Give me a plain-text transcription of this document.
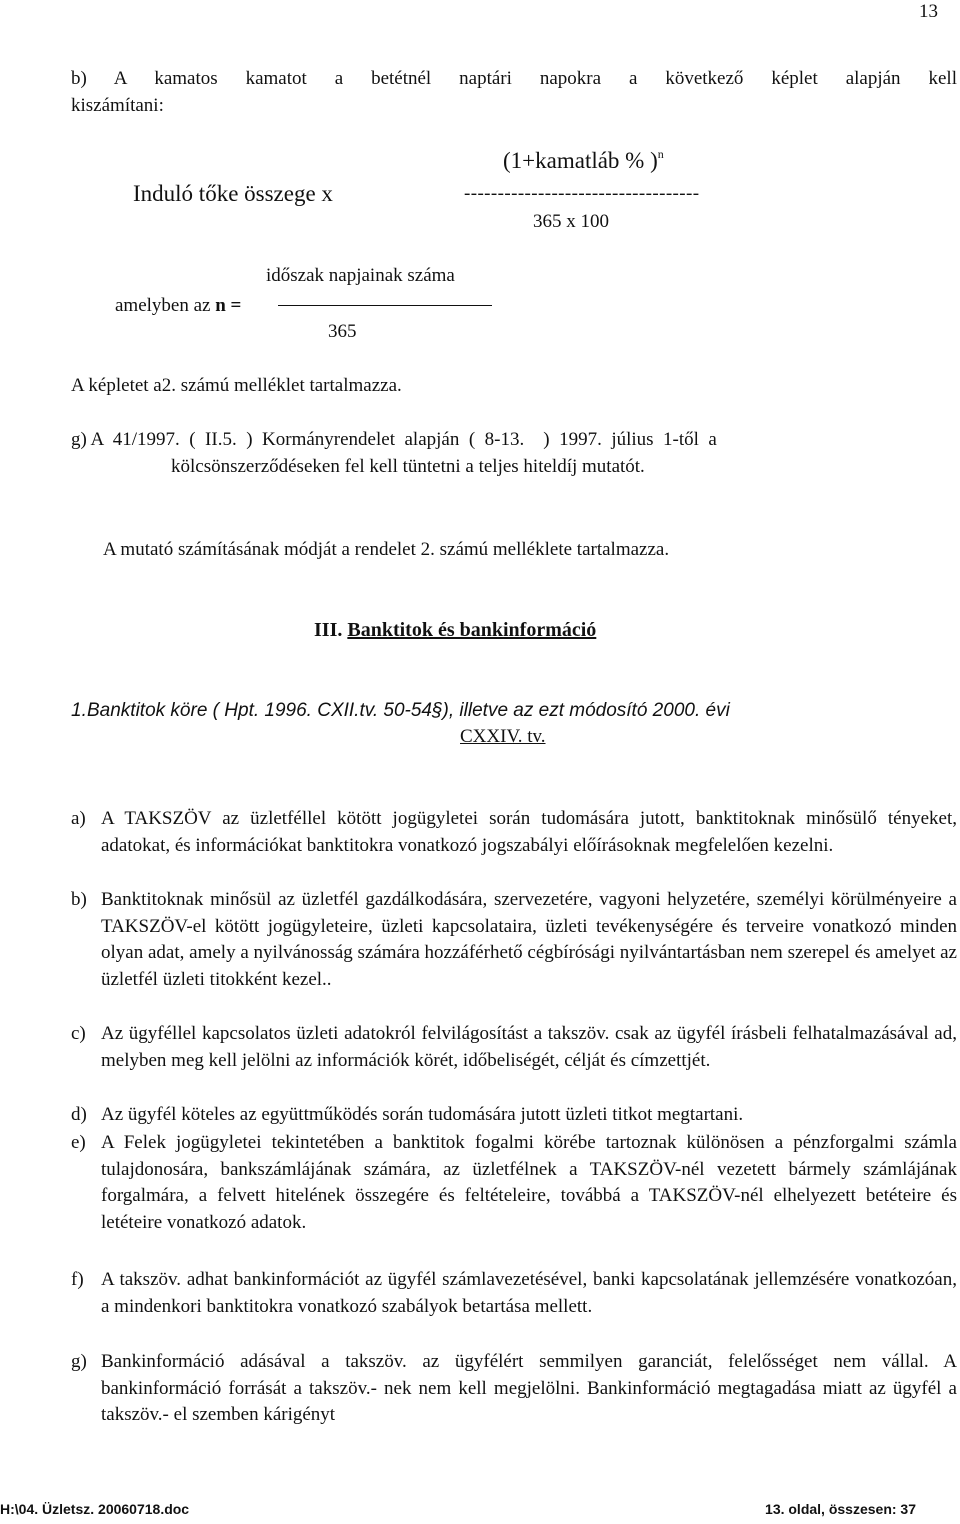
13
b) A kamatos kamatot a betétnél naptári napokra a következő képlet alapján kell
kiszámítani:
(1+kamatláb % )$^n$
Induló tőke összege x	-----------------------------------
365 x 100
időszak napjainak száma
amelyben az n =
365
A képletet a2. számú melléklet tartalmazza.
g) A  41/1997.  (  II.5.  )  Kormányrendelet  alapján  (  8-13.    )  1997.  július  1-től  a
kölcsönszerződéseken fel kell tüntetni a teljes hiteldíj mutatót.
A mutató számításának módját a rendelet 2. számú melléklete tartalmazza.
III. Banktitok és bankinformáció
1. Banktitok köre ( Hpt. 1996. CXII.tv. 50-54§), illetve az ezt módosító 2000. évi
CXXIV. tv.
a) A TAKSZÖV az üzletféllel kötött jogügyletei során tudomására jutott, banktitoknak minősülő tényeket, adatokat, és információkat banktitokra vonatkozó jogszabályi előírásoknak megfelelően kezelni.
b) Banktitoknak minősül az üzletfél gazdálkodására, szervezetére, vagyoni helyzetére, személyi körülményeire a TAKSZÖV-el kötött jogügyleteire, üzleti kapcsolataira, üzleti tevékenységére és terveire vonatkozó minden olyan adat, amely a nyilvánosság számára hozzáférhető cégbírósági nyilvántartásban nem szerepel és amelyet az üzletfél üzleti titokként kezel..
c) Az ügyféllel kapcsolatos üzleti adatokról felvilágosítást a takszöv. csak az ügyfél írásbeli felhatalmazásával ad, melyben meg kell jelölni az információk körét, időbeliségét, célját és címzettjét.
d) Az ügyfél köteles az együttműködés során tudomására jutott üzleti titkot megtartani.
e) A Felek jogügyletei tekintetében a banktitok fogalmi körébe tartoznak különösen a pénzforgalmi számla tulajdonosára, bankszámlájának számára, az üzletfélnek a TAKSZÖV-nél vezetett bármely számlájának forgalmára, a felvett hitelének összegére és feltételeire, továbbá a TAKSZÖV-nél elhelyezett betéteire és letéteire vonatkozó adatok.
f) A takszöv. adhat bankinformációt az ügyfél számlavezetésével, banki kapcsolatának jellemzésére vonatkozóan, a mindenkori banktitokra vonatkozó szabályok betartása mellett.
g) Bankinformáció adásával a takszöv. az ügyfélért semmilyen garanciát, felelősséget nem vállal. A bankinformáció forrását a takszöv.- nek nem kell megjelölni. Bankinformáció megtagadása miatt az ügyfél a takszöv.- el szemben kárigényt
H:\04. Üzletsz. 20060718.doc	13. oldal, összesen: 37
